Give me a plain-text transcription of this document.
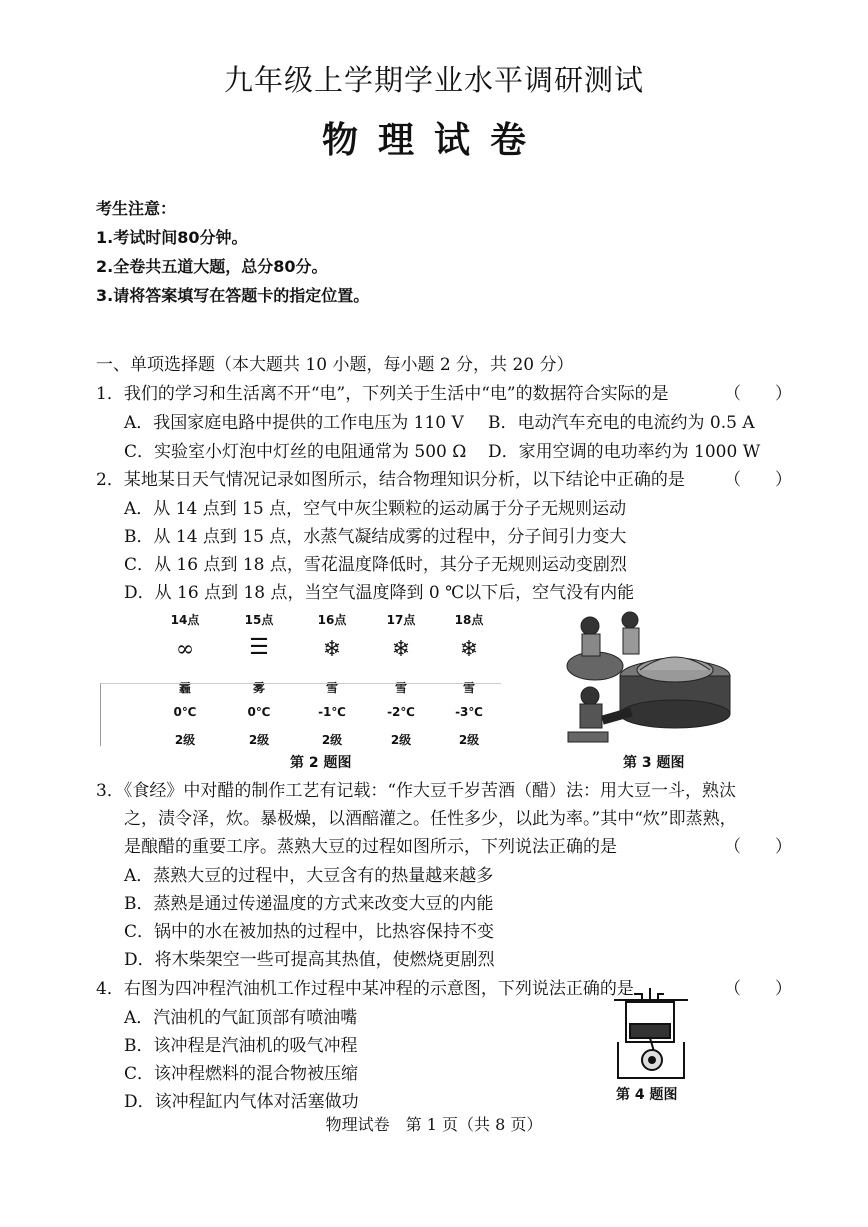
九年级上学期学业水平调研测试
物理试卷
考生注意：
1.考试时间80分钟。
2.全卷共五道大题，总分80分。
3.请将答案填写在答题卡的指定位置。
一、单项选择题（本大题共 10 小题，每小题 2 分，共 20 分）
1．我们的学习和生活离不开“电”，下列关于生活中“电”的数据符合实际的是	（　　）
A．我国家庭电路中提供的工作电压为 110 V B．电动汽车充电的电流约为 0.5 A
C．实验室小灯泡中灯丝的电阻通常为 500 Ω D．家用空调的电功率约为 1000 W
2．某地某日天气情况记录如图所示，结合物理知识分析，以下结论中正确的是 （　　）
A．从 14 点到 15 点，空气中灰尘颗粒的运动属于分子无规则运动
B．从 14 点到 15 点，水蒸气凝结成雾的过程中，分子间引力变大
C．从 16 点到 18 点，雪花温度降低时，其分子无规则运动变剧烈
D．从 16 点到 18 点，当空气温度降到 0 ℃以下后，空气没有内能
14点	15点	16点	17点	18点
∞	☰	❄	❄	❄
霾	雾	雪	雪	雪
0℃	0℃	-1℃	-2℃	-3℃
2级	2级	2级	2级	2级
第 2 题图	第 3 题图
3．《食经》中对醋的制作工艺有记载：“作大豆千岁苦酒（醋）法：用大豆一斗，熟汰
之，渍令泽，炊。暴极燥，以酒醅灌之。任性多少，以此为率。”其中“炊”即蒸熟，
是酿醋的重要工序。蒸熟大豆的过程如图所示，下列说法正确的是	（　　）
A．蒸熟大豆的过程中，大豆含有的热量越来越多
B．蒸熟是通过传递温度的方式来改变大豆的内能
C．锅中的水在被加热的过程中，比热容保持不变
D．将木柴架空一些可提高其热值，使燃烧更剧烈
4．右图为四冲程汽油机工作过程中某冲程的示意图，下列说法正确的是	（　　）
A．汽油机的气缸顶部有喷油嘴
B．该冲程是汽油机的吸气冲程
C．该冲程燃料的混合物被压缩
D．该冲程缸内气体对活塞做功	第 4 题图
物理试卷　第 1 页（共 8 页）
